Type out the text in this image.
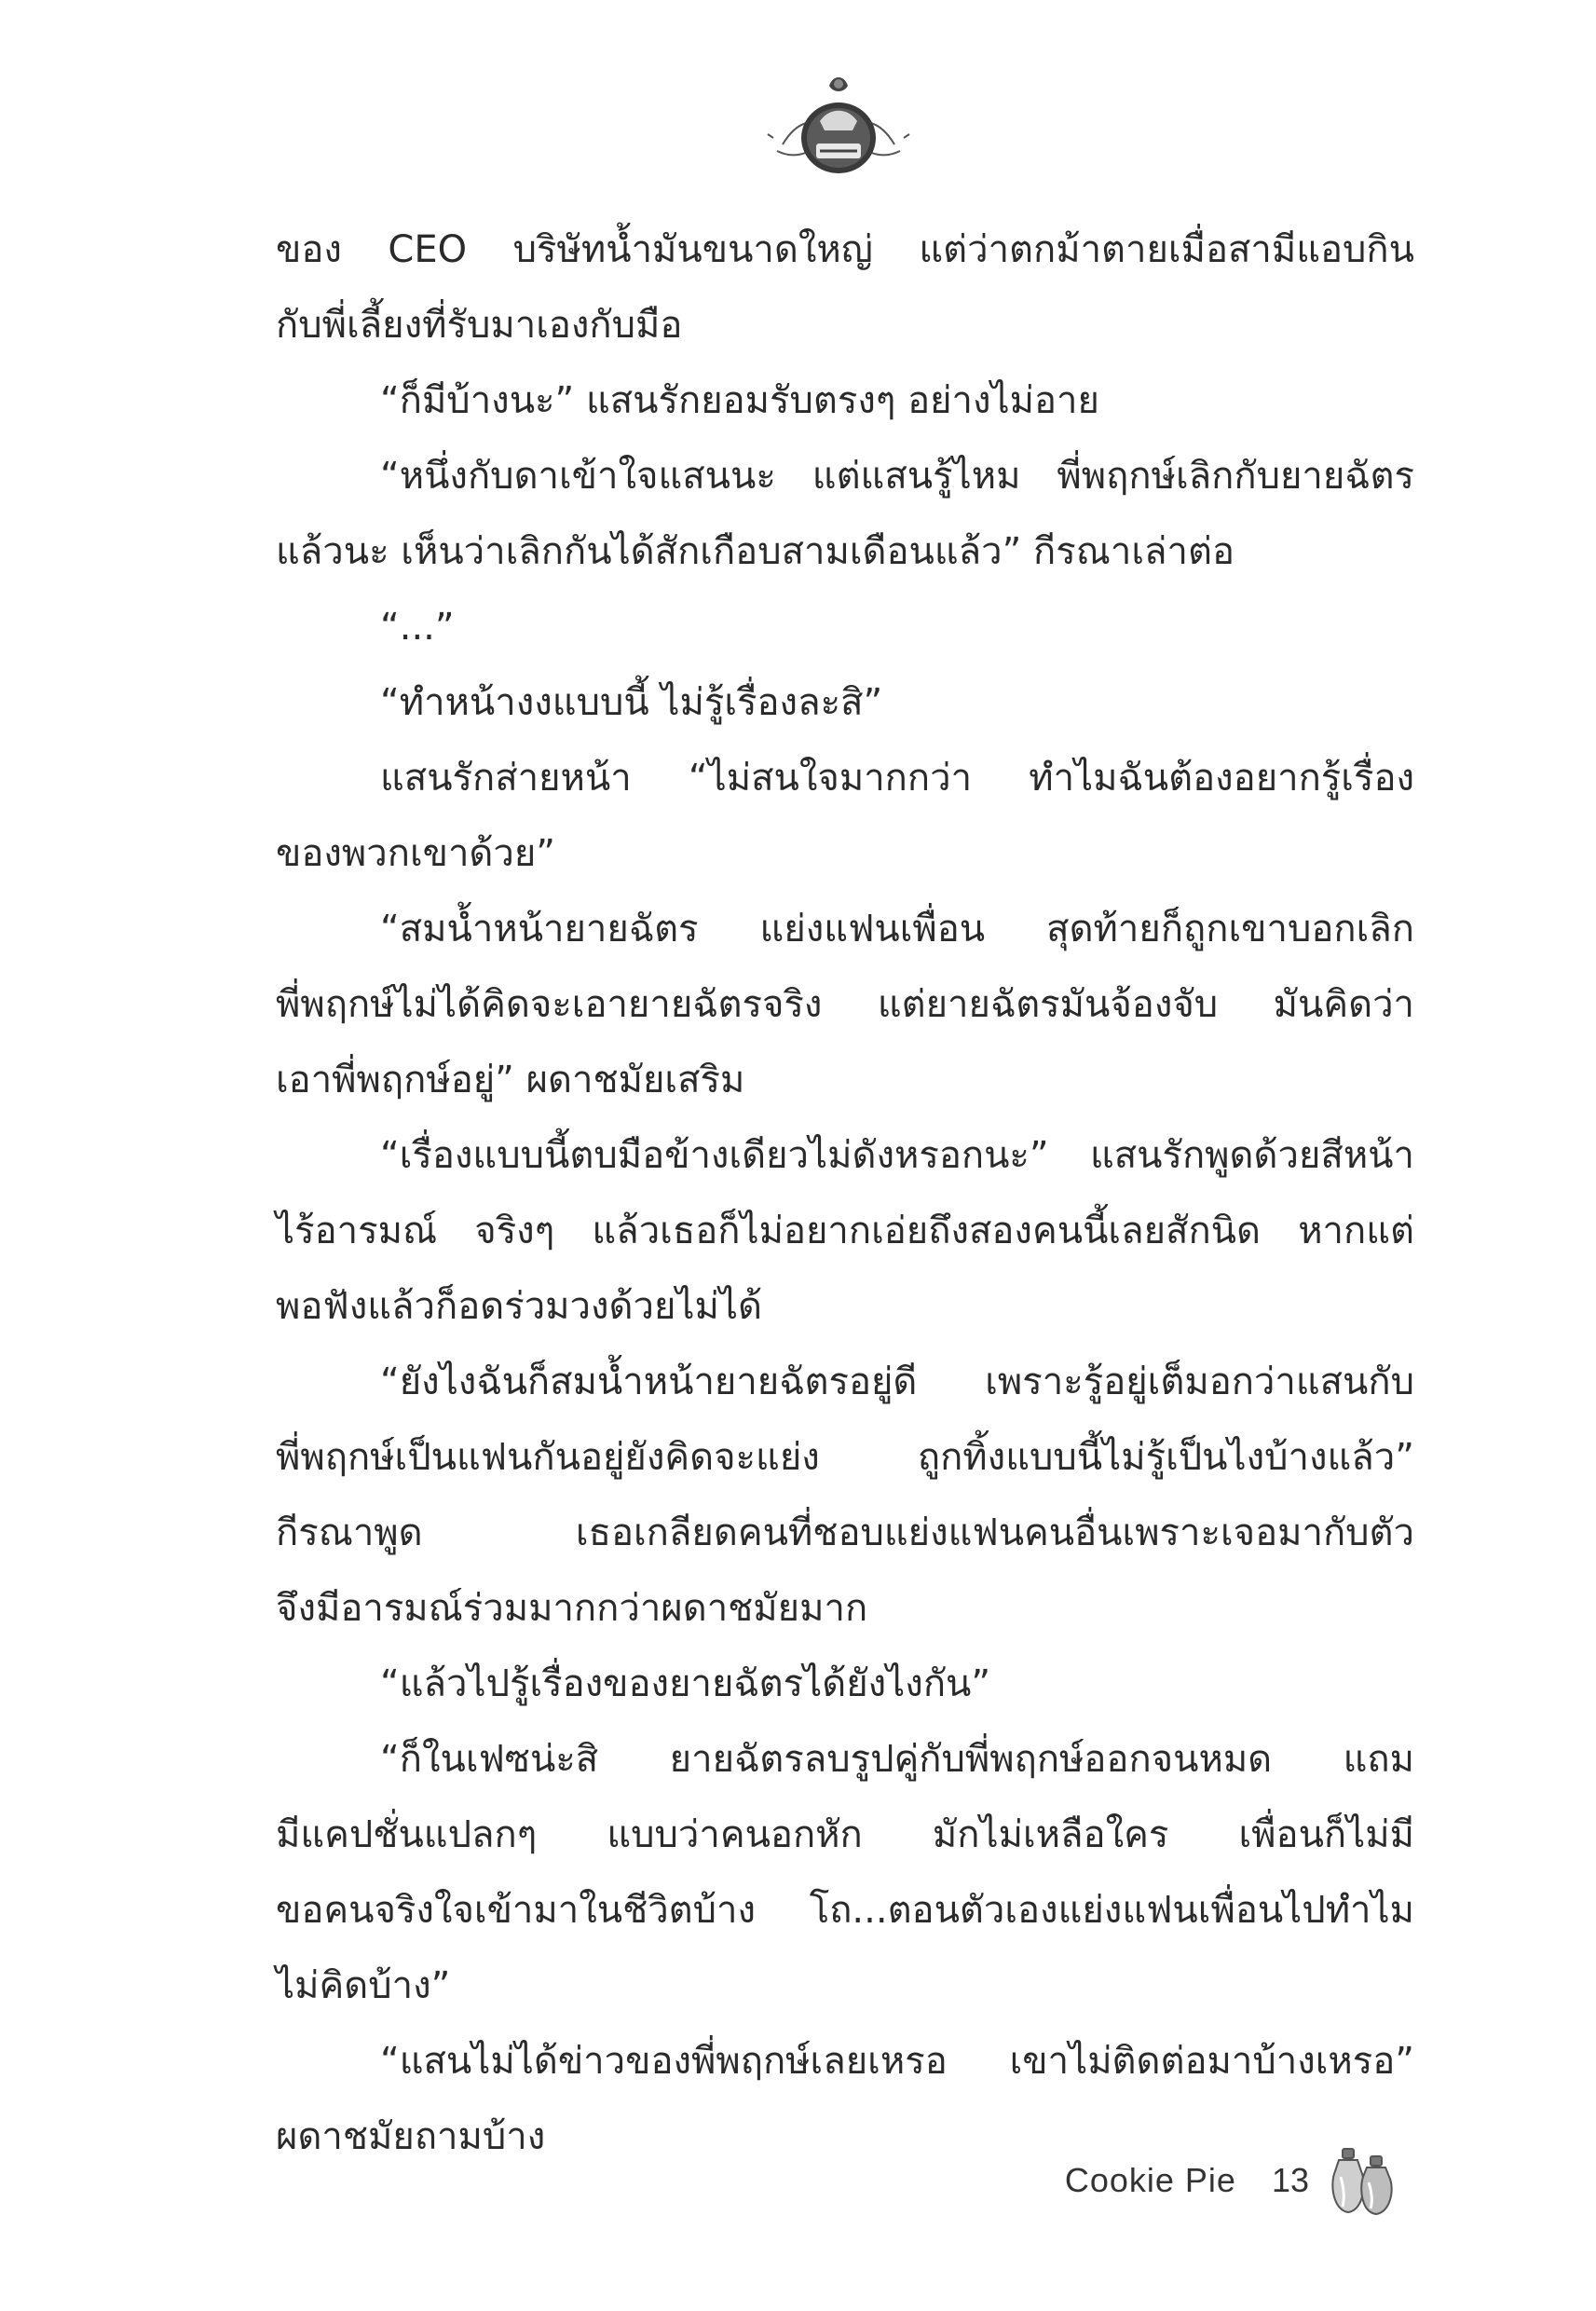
ของ CEO บริษัทน้ำมันขนาดใหญ่ แต่ว่าตกม้าตายเมื่อสามีแอบกิน
กับพี่เลี้ยงที่รับมาเองกับมือ
“ก็มีบ้างนะ” แสนรักยอมรับตรงๆ อย่างไม่อาย
“หนึ่งกับดาเข้าใจแสนนะ แต่แสนรู้ไหม พี่พฤกษ์เลิกกับยายฉัตร
แล้วนะ เห็นว่าเลิกกันได้สักเกือบสามเดือนแล้ว” กีรณาเล่าต่อ
“...”
“ทำหน้างงแบบนี้ ไม่รู้เรื่องละสิ”
แสนรักส่ายหน้า “ไม่สนใจมากกว่า ทำไมฉันต้องอยากรู้เรื่อง
ของพวกเขาด้วย”
“สมน้ำหน้ายายฉัตร แย่งแฟนเพื่อน สุดท้ายก็ถูกเขาบอกเลิก
พี่พฤกษ์ไม่ได้คิดจะเอายายฉัตรจริง แต่ยายฉัตรมันจ้องจับ มันคิดว่า
เอาพี่พฤกษ์อยู่” ผดาชมัยเสริม
“เรื่องแบบนี้ตบมือข้างเดียวไม่ดังหรอกนะ” แสนรักพูดด้วยสีหน้า
ไร้อารมณ์ จริงๆ แล้วเธอก็ไม่อยากเอ่ยถึงสองคนนี้เลยสักนิด หากแต่
พอฟังแล้วก็อดร่วมวงด้วยไม่ได้
“ยังไงฉันก็สมน้ำหน้ายายฉัตรอยู่ดี เพราะรู้อยู่เต็มอกว่าแสนกับ
พี่พฤกษ์เป็นแฟนกันอยู่ยังคิดจะแย่ง ถูกทิ้งแบบนี้ไม่รู้เป็นไงบ้างแล้ว”
กีรณาพูด เธอเกลียดคนที่ชอบแย่งแฟนคนอื่นเพราะเจอมากับตัว
จึงมีอารมณ์ร่วมมากกว่าผดาชมัยมาก
“แล้วไปรู้เรื่องของยายฉัตรได้ยังไงกัน”
“ก็ในเฟซน่ะสิ ยายฉัตรลบรูปคู่กับพี่พฤกษ์ออกจนหมด แถม
มีแคปชั่นแปลกๆ แบบว่าคนอกหัก มักไม่เหลือใคร เพื่อนก็ไม่มี
ขอคนจริงใจเข้ามาในชีวิตบ้าง โถ...ตอนตัวเองแย่งแฟนเพื่อนไปทำไม
ไม่คิดบ้าง”
“แสนไม่ได้ข่าวของพี่พฤกษ์เลยเหรอ เขาไม่ติดต่อมาบ้างเหรอ”
ผดาชมัยถามบ้าง
Cookie Pie 13
